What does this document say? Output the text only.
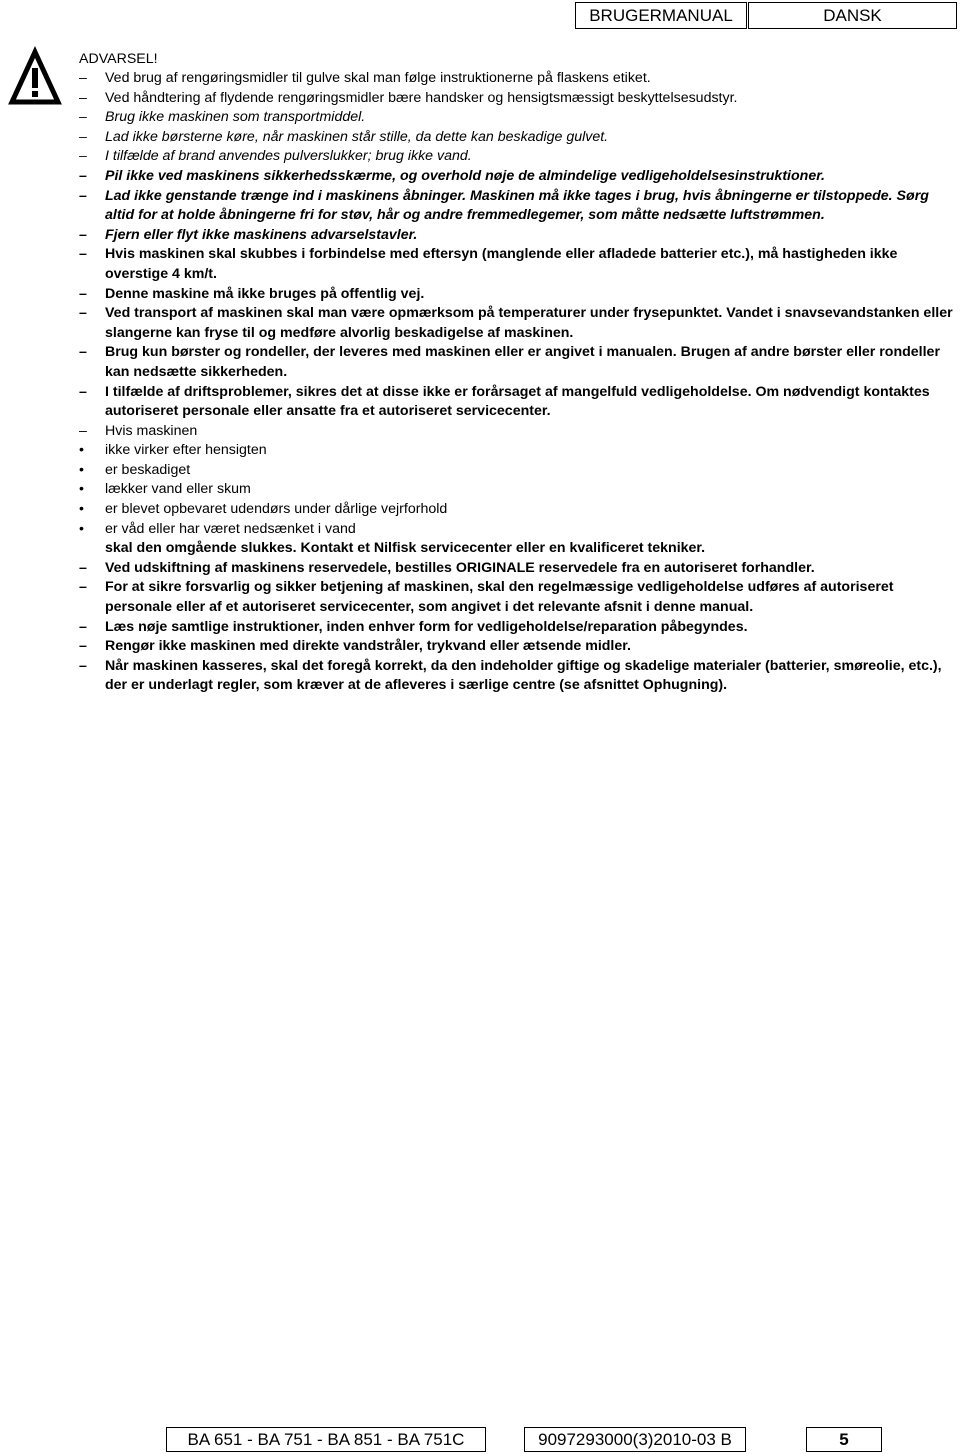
BRUGERMANUAL	DANSK
ADVARSEL!
–	Ved brug af rengøringsmidler til gulve skal man følge instruktionerne på flaskens etiket.
–	Ved håndtering af flydende rengøringsmidler bære handsker og hensigtsmæssigt beskyttelsesudstyr.
–	Brug ikke maskinen som transportmiddel.
–	Lad ikke børsterne køre, når maskinen står stille, da dette kan beskadige gulvet.
–	I tilfælde af brand anvendes pulverslukker; brug ikke vand.
–	Pil ikke ved maskinens sikkerhedsskærme, og overhold nøje de almindelige vedligeholdelsesinstruktioner.
–	Lad ikke genstande trænge ind i maskinens åbninger. Maskinen må ikke tages i brug, hvis åbningerne er tilstoppede. Sørg altid for at holde åbningerne fri for støv, hår og andre fremmedlegemer, som måtte nedsætte luftstrømmen.
–	Fjern eller flyt ikke maskinens advarselstavler.
–	Hvis maskinen skal skubbes i forbindelse med eftersyn (manglende eller afladede batterier etc.), må hastigheden ikke overstige 4 km/t.
–	Denne maskine må ikke bruges på offentlig vej.
–	Ved transport af maskinen skal man være opmærksom på temperaturer under frysepunktet. Vandet i snavsevandstanken eller slangerne kan fryse til og medføre alvorlig beskadigelse af maskinen.
–	Brug kun børster og rondeller, der leveres med maskinen eller er angivet i manualen. Brugen af andre børster eller rondeller kan nedsætte sikkerheden.
–	I tilfælde af driftsproblemer, sikres det at disse ikke er forårsaget af mangelfuld vedligeholdelse. Om nødvendigt kontaktes autoriseret personale eller ansatte fra et autoriseret servicecenter.
–	Hvis maskinen
•	ikke virker efter hensigten
•	er beskadiget
•	lækker vand eller skum
•	er blevet opbevaret udendørs under dårlige vejrforhold
•	er våd eller har været nedsænket i vand
skal den omgående slukkes. Kontakt et Nilfisk servicecenter eller en kvalificeret tekniker.
–	Ved udskiftning af maskinens reservedele, bestilles ORIGINALE reservedele fra en autoriseret forhandler.
–	For at sikre forsvarlig og sikker betjening af maskinen, skal den regelmæssige vedligeholdelse udføres af autoriseret personale eller af et autoriseret servicecenter, som angivet i det relevante afsnit i denne manual.
–	Læs nøje samtlige instruktioner, inden enhver form for vedligeholdelse/reparation påbegyndes.
–	Rengør ikke maskinen med direkte vandstråler, trykvand eller ætsende midler.
–	Når maskinen kasseres, skal det foregå korrekt, da den indeholder giftige og skadelige materialer (batterier, smøreolie, etc.), der er underlagt regler, som kræver at de afleveres i særlige centre (se afsnittet Ophugning).
BA 651 - BA 751 - BA 851 - BA 751C	9097293000(3)2010-03 B	5
